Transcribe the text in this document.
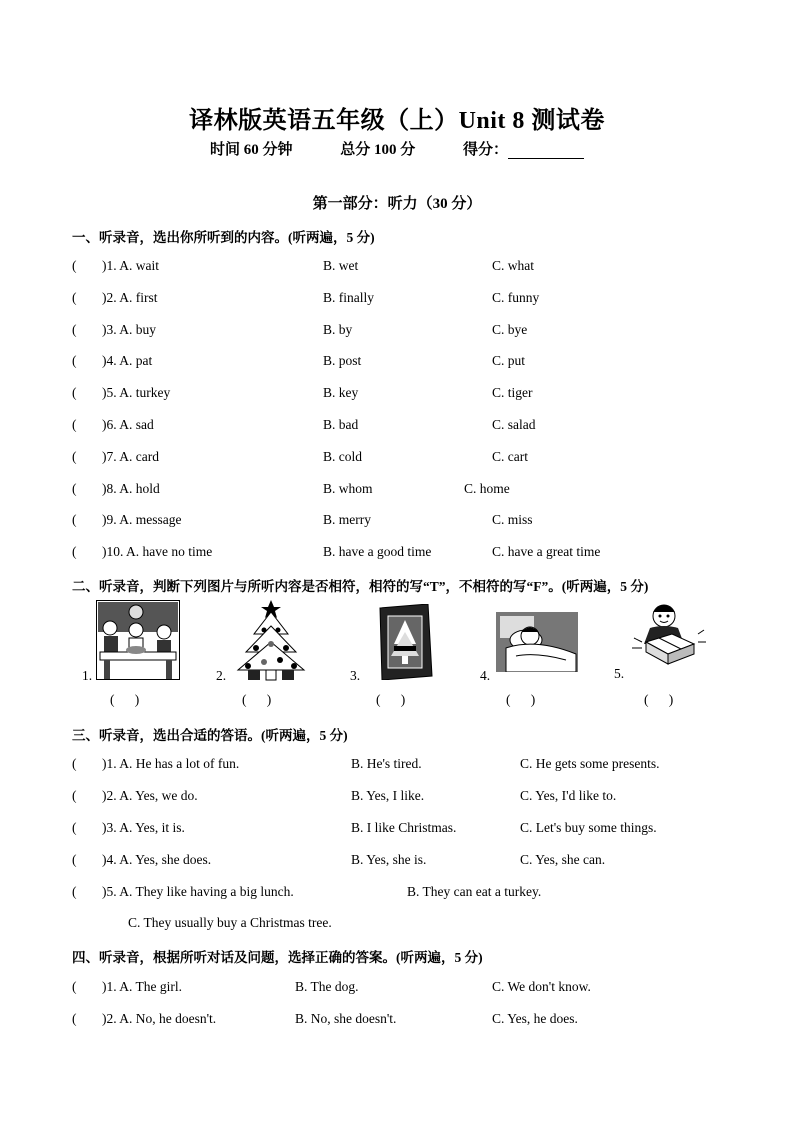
译林版英语五年级（上）Unit 8 测试卷
时间 60 分钟	总分 100 分	得分：
第一部分：听力（30 分）
一、听录音，选出你所听到的内容。(听两遍，5 分)
( )1. A. wait	B. wet	C. what
( )2. A. first	B. finally	C. funny
( )3. A. buy	B. by	C. bye
( )4. A. pat	B. post	C. put
( )5. A. turkey	B. key	C. tiger
( )6. A. sad	B. bad	C. salad
( )7. A. card	B. cold	C. cart
( )8. A. hold	B. whom	C. home
( )9. A. message	B. merry	C. miss
( )10. A. have no time	B. have a good time	C. have a great time
二、听录音，判断下列图片与所听内容是否相符，相符的写“T”，不相符的写“F”。(听两遍，5 分)
1.
(      )
2.
(      )
3.
(      )
4.
(      )
5.
(      )
三、听录音，选出合适的答语。(听两遍，5 分)
( )1. A. He has a lot of fun.	B. He's tired.	C. He gets some presents.
( )2. A. Yes, we do.	B. Yes, I like.	C. Yes, I'd like to.
( )3. A. Yes, it is.	B. I like Christmas.	C. Let's buy some things.
( )4. A. Yes, she does.	B. Yes, she is.	C. Yes, she can.
( )5. A. They like having a big lunch.	B. They can eat a turkey.
C. They usually buy a Christmas tree.
四、听录音，根据所听对话及问题，选择正确的答案。(听两遍，5 分)
( )1. A. The girl.	B. The dog.	C. We don't know.
( )2. A. No, he doesn't.	B. No, she doesn't.	C. Yes, he does.
